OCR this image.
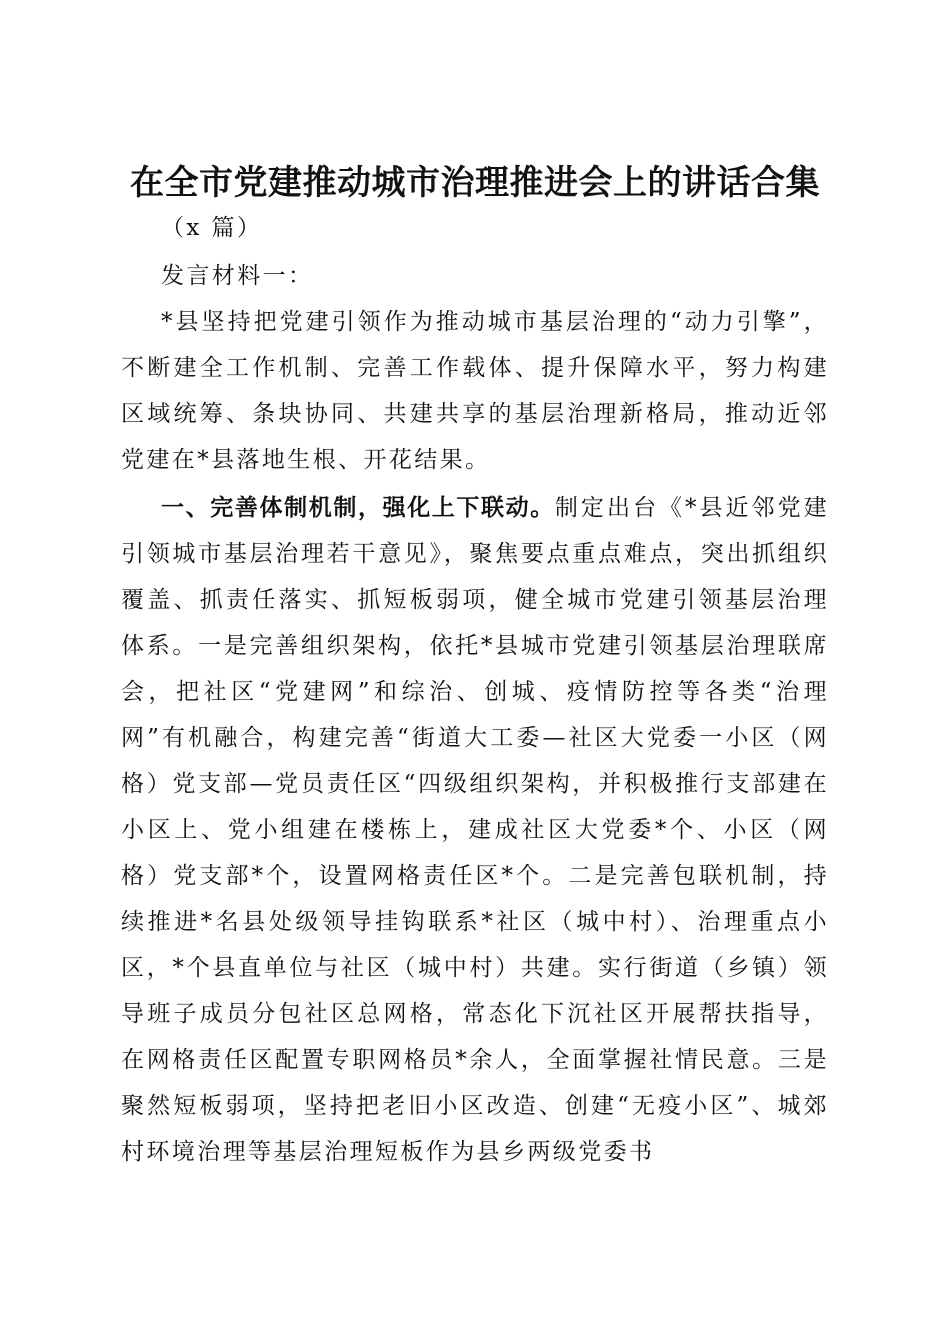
在全市党建推动城市治理推进会上的讲话合集

（x 篇）

发言材料一：

*县坚持把党建引领作为推动城市基层治理的“动力引擎”，不断建全工作机制、完善工作载体、提升保障水平，努力构建区域统筹、条块协同、共建共享的基层治理新格局，推动近邻党建在*县落地生根、开花结果。

一、完善体制机制，强化上下联动。制定出台《*县近邻党建引领城市基层治理若干意见》，聚焦要点重点难点，突出抓组织覆盖、抓责任落实、抓短板弱项，健全城市党建引领基层治理体系。一是完善组织架构，依托*县城市党建引领基层治理联席会，把社区“党建网”和综治、创城、疫情防控等各类“治理网”有机融合，构建完善“街道大工委—社区大党委一小区（网格）党支部—党员责任区“四级组织架构，并积极推行支部建在小区上、党小组建在楼栋上，建成社区大党委*个、小区（网格）党支部*个，设置网格责任区*个。二是完善包联机制，持续推进*名县处级领导挂钩联系*社区（城中村）、治理重点小区，*个县直单位与社区（城中村）共建。实行街道（乡镇）领导班子成员分包社区总网格，常态化下沉社区开展帮扶指导，在网格责任区配置专职网格员*余人，全面掌握社情民意。三是聚然短板弱项，坚持把老旧小区改造、创建“无疫小区”、城郊村环境治理等基层治理短板作为县乡两级党委书
